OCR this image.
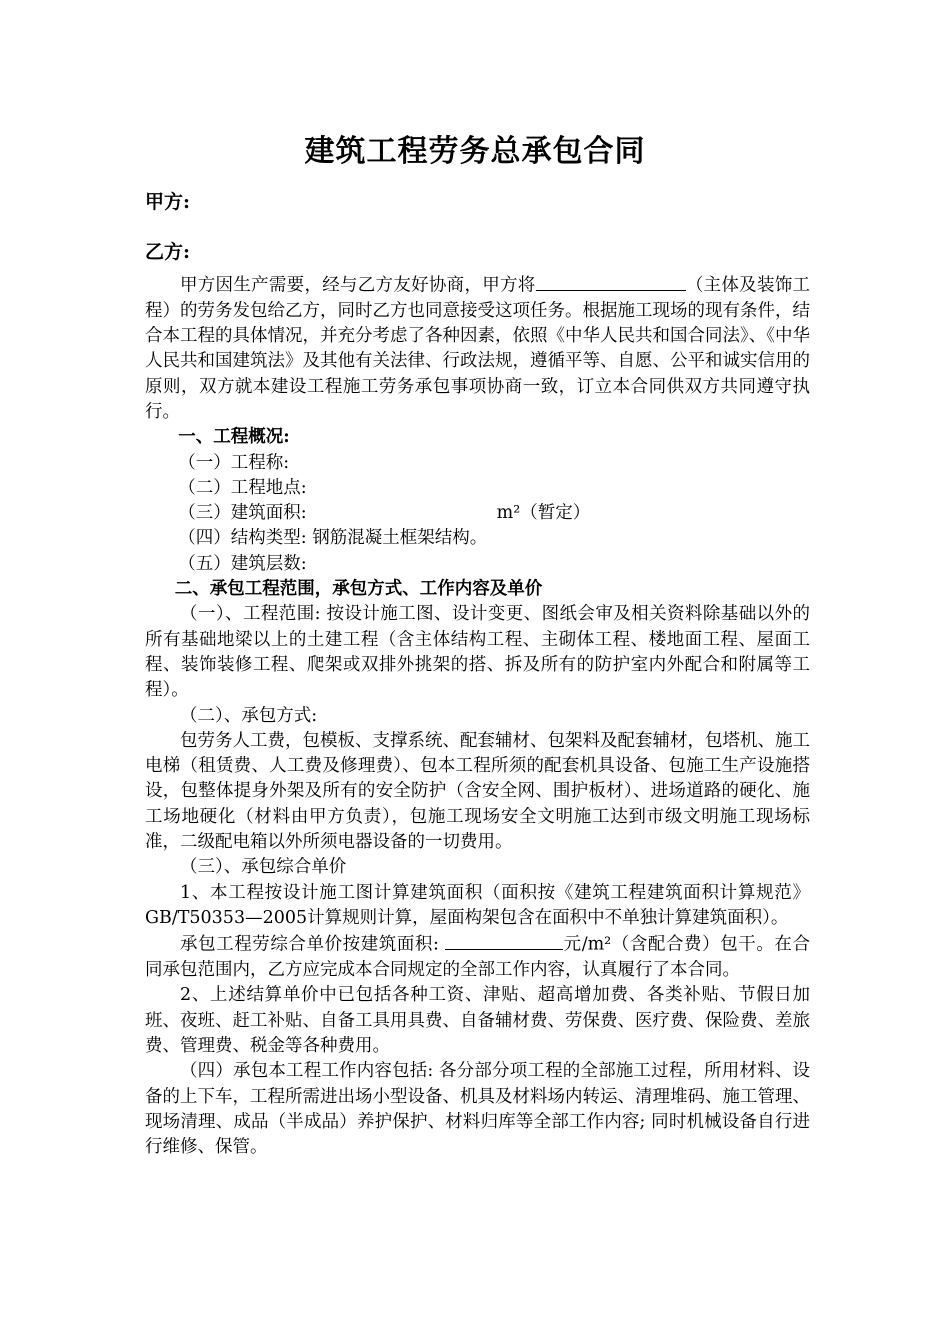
建筑工程劳务总承包合同
甲方:
乙方:

甲方因生产需要，经与乙方友好协商，甲方将	（主体及装饰工程）的劳务发包给乙方，同时乙方也同意接受这项任务。根据施工现场的现有条件，结合本工程的具体情况，并充分考虑了各种因素，依照《中华人民共和国合同法》、《中华人民共和国建筑法》及其他有关法律、行政法规，遵循平等、自愿、公平和诚实信用的原则，双方就本建设工程施工劳务承包事项协商一致，订立本合同供双方共同遵守执行。

一、工程概况:

（一）工程称:

（二）工程地点:

（三）建筑面积:	m²（暂定）

（四）结构类型: 钢筋混凝土框架结构。

（五）建筑层数:

二、承包工程范围，承包方式、工作内容及单价

（一）、工程范围: 按设计施工图、设计变更、图纸会审及相关资料除基础以外的所有基础地梁以上的土建工程（含主体结构工程、主砌体工程、楼地面工程、屋面工程、装饰装修工程、爬架或双排外挑架的搭、拆及所有的防护室内外配合和附属等工程）。

（二）、承包方式:

包劳务人工费，包模板、支撑系统、配套辅材、包架料及配套辅材，包塔机、施工电梯（租赁费、人工费及修理费）、包本工程所须的配套机具设备、包施工生产设施搭设，包整体提身外架及所有的安全防护（含安全网、围护板材）、进场道路的硬化、施工场地硬化（材料由甲方负责），包施工现场安全文明施工达到市级文明施工现场标准，二级配电箱以外所须电器设备的一切费用。

（三）、承包综合单价

1、本工程按设计施工图计算建筑面积（面积按《建筑工程建筑面积计算规范》GB/T50353—2005计算规则计算，屋面构架包含在面积中不单独计算建筑面积）。

承包工程劳综合单价按建筑面积:	元/m²（含配合费）包干。在合同承包范围内，乙方应完成本合同规定的全部工作内容，认真履行了本合同。

2、上述结算单价中已包括各种工资、津贴、超高增加费、各类补贴、节假日加班、夜班、赶工补贴、自备工具用具费、自备辅材费、劳保费、医疗费、保险费、差旅费、管理费、税金等各种费用。

（四）承包本工程工作内容包括: 各分部分项工程的全部施工过程，所用材料、设备的上下车，工程所需进出场小型设备、机具及材料场内转运、清理堆码、施工管理、现场清理、成品（半成品）养护保护、材料归库等全部工作内容; 同时机械设备自行进行维修、保管。
